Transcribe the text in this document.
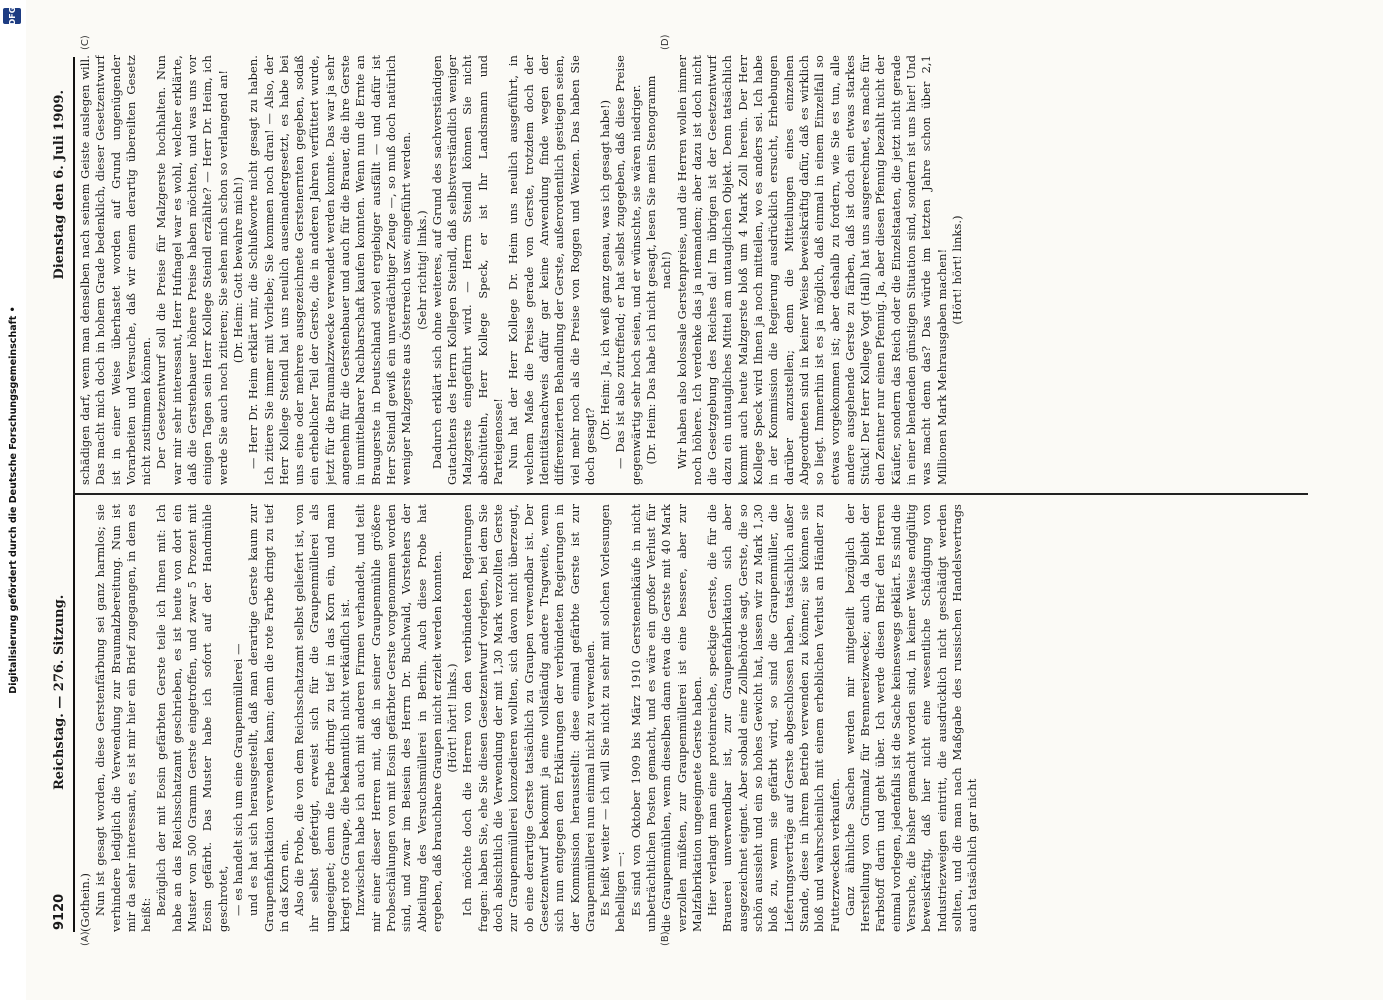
Digitalisierung gefördert durch die Deutsche Forschungsgemeinschaft •
DFG
9120
Reichstag. — 276. Sitzung.
Dienstag den 6. Juli 1909.
(A)	(B)
(C)	(D)

(Gothein.) Nun ist gesagt worden, diese Gerstenfärbung sei ganz harmlos; sie verhindere lediglich die Verwendung zur Braumalzbereitung. Nun ist mir da sehr interessant, es ist mir hier ein Brief zugegangen, in dem es heißt: Bezüglich der mit Eosin gefärbten Gerste teile ich Ihnen mit: Ich habe an das Reichsschatzamt geschrieben, es ist heute von dort ein Muster von 500 Gramm Gerste eingetroffen, und zwar 5 Prozent mit Eosin gefärbt. Das Muster habe ich sofort auf der Handmühle geschrotet, — es handelt sich um eine Graupenmüllerei — und es hat sich herausgestellt, daß man derartige Gerste kaum zur Graupenfabrikation verwenden kann; denn die rote Farbe dringt zu tief in das Korn ein. Also die Probe, die von dem Reichsschatzamt selbst geliefert ist, von ihr selbst gefertigt, erweist sich für die Graupenmüllerei als ungeeignet; denn die Farbe dringt zu tief in das Korn ein, und man kriegt rote Graupe, die bekanntlich nicht verkäuflich ist. Inzwischen habe ich auch mit anderen Firmen verhandelt, und teilt mir einer dieser Herren mit, daß in seiner Graupenmühle größere Probeschälungen von mit Eosin gefärbter Gerste vorgenommen worden sind, und zwar im Beisein des Herrn Dr. Buchwald, Vorstehers der Abteilung des Versuchsmüllerei in Berlin. Auch diese Probe hat ergeben, daß brauchbare Graupen nicht erzielt werden konnten. (Hört! hört! links.) Ich möchte doch die Herren von den verbündeten Regierungen fragen: haben Sie, ehe Sie diesen Gesetzentwurf vorlegten, bei dem Sie doch absichtlich die Verwendung der mit 1,30 Mark verzollten Gerste zur Graupenmüllerei konzedieren wollten, sich davon nicht überzeugt, ob eine derartige Gerste tatsächlich zu Graupen verwendbar ist. Der Gesetzentwurf bekommt ja eine vollständig andere Tragweite, wenn sich nun entgegen den Erklärungen der verbündeten Regierungen in der Kommission herausstellt: diese einmal gefärbte Gerste ist zur Graupenmüllerei nun einmal nicht zu verwenden. Es heißt weiter — ich will Sie nicht zu sehr mit solchen Vorlesungen behelligen —: Es sind von Oktober 1909 bis März 1910 Gersteneinkäufe in nicht unbeträchtlichen Posten gemacht, und es wäre ein großer Verlust für die Graupenmühlen, wenn dieselben dann etwa die Gerste mit 40 Mark verzollen müßten, zur Graupenmüllerei ist eine bessere, aber zur Malzfabrikation ungeeignete Gerste haben. Hier verlangt man eine proteinreiche, speckige Gerste, die für die Brauerei unverwendbar ist, zur Graupenfabrikation sich aber ausgezeichnet eignet. Aber sobald eine Zollbehörde sagt, Gerste, die so schön aussieht und ein so hohes Gewicht hat, lassen wir zu Mark 1,30 bloß zu, wenn sie gefärbt wird, so sind die Graupenmüller, die Lieferungsverträge auf Gerste abgeschlossen haben, tatsächlich außer Stande, diese in ihrem Betrieb verwenden zu können; sie können sie bloß und wahrscheinlich mit einem erheblichen Verlust an Händler zu Futterzwecken verkaufen. Ganz ähnliche Sachen werden mir mitgeteilt bezüglich der Herstellung von Grünmalz für Brennereizwecke; auch da bleibt der Farbstoff darin und geht über. Ich werde diesen Brief den Herren einmal vorlegen, jedenfalls ist die Sache keineswegs geklärt. Es sind die Versuche, die bisher gemacht worden sind, in keiner Weise endgültig beweiskräftig, daß hier nicht eine wesentliche Schädigung von Industriezweigen eintritt, die ausdrücklich nicht geschädigt werden sollten, und die man nach Maßgabe des russischen Handelsvertrags auch tatsächlich gar nicht

schädigen darf, wenn man denselben nach seinem Geiste auslegen will. Das macht mich doch in hohem Grade bedenklich, dieser Gesetzentwurf ist in einer Weise überhastet worden auf Grund ungenügender Vorarbeiten und Versuche, daß wir einem derartig übereilten Gesetz nicht zustimmen können. Der Gesetzentwurf soll die Preise für Malzgerste hochhalten. Nun war mir sehr interessant, Herr Hufnagel war es wohl, welcher erklärte, daß die Gerstenbauer höhere Preise haben möchten, und was uns vor einigen Tagen sein Herr Kollege Steindl erzählte? — Herr Dr. Heim, ich werde Sie auch noch zitieren; Sie sehen mich schon so verlangend an! (Dr. Heim: Gott bewahre mich!) — Herr Dr. Heim erklärt mir, die Schlußworte nicht gesagt zu haben. Ich zitiere Sie immer mit Vorliebe; Sie kommen noch dran! — Also, der Herr Kollege Steindl hat uns neulich auseinandergesetzt, es habe bei uns eine oder mehrere ausgezeichnete Gerstenernten gegeben, sodaß ein erheblicher Teil der Gerste, die in anderen Jahren verfüttert wurde, jetzt für die Braumalzzwecke verwendet werden konnte. Das war ja sehr angenehm für die Gerstenbauer und auch für die Brauer, die ihre Gerste in unmittelbarer Nachbarschaft kaufen konnten. Wenn nun die Ernte an Braugerste in Deutschland soviel ergiebiger ausfällt — und dafür ist Herr Steindl gewiß ein unverdächtiger Zeuge —, so muß doch natürlich weniger Malzgerste aus Österreich usw. eingeführt werden. (Sehr richtig! links.) Dadurch erklärt sich ohne weiteres, auf Grund des sachverständigen Gutachtens des Herrn Kollegen Steindl, daß selbstverständlich weniger Malzgerste eingeführt wird. — Herrn Steindl können Sie nicht abschütteln, Herr Kollege Speck, er ist Ihr Landsmann und Parteigenosse! Nun hat der Herr Kollege Dr. Heim uns neulich ausgeführt, in welchem Maße die Preise gerade von Gerste, trotzdem doch der Identitätsnachweis dafür gar keine Anwendung finde wegen der differenzierten Behandlung der Gerste, außerordentlich gestiegen seien, viel mehr noch als die Preise von Roggen und Weizen. Das haben Sie doch gesagt?

(Dr. Heim: Ja, ich weiß ganz genau, was ich gesagt habe!) — Das ist also zutreffend; er hat selbst zugegeben, daß diese Preise gegenwärtig sehr hoch seien, und er wünschte, sie wären niedriger. (Dr. Heim: Das habe ich nicht gesagt, lesen Sie mein Stenogramm nach!) Wir haben also kolossale Gerstenpreise, und die Herren wollen immer noch höhere. Ich verdenke das ja niemandem; aber dazu ist doch nicht die Gesetzgebung des Reiches da! Im übrigen ist der Gesetzentwurf dazu ein untaugliches Mittel am untauglichen Objekt. Denn tatsächlich kommt auch heute Malzgerste bloß um 4 Mark Zoll herein. Der Herr Kollege Speck wird Ihnen ja noch mitteilen, wo es anders sei. Ich habe in der Kommission die Regierung ausdrücklich ersucht, Erhebungen darüber anzustellen; denn die Mitteilungen eines einzelnen Abgeordneten sind in keiner Weise beweiskräftig dafür, daß es wirklich so liegt. Immerhin ist es ja möglich, daß einmal in einem Einzelfall so etwas vorgekommen ist; aber deshalb zu fordern, wie Sie es tun, alle andere ausgehende Gerste zu färben, daß ist doch ein etwas starkes Stück! Der Herr Kollege Vogt (Hall) hat uns ausgerechnet, es mache für den Zentner nur einen Pfennig. Ja, aber diesen Pfennig bezahlt nicht der Käufer, sondern das Reich oder die Einzelstaaten, die jetzt nicht gerade in einer blendenden günstigen Situation sind, sondern ist uns hier! Und was macht denn das? Das würde im letzten Jahre schon über 2,1 Millionen Mark Mehrausgaben machen! (Hört! hört! links.)
